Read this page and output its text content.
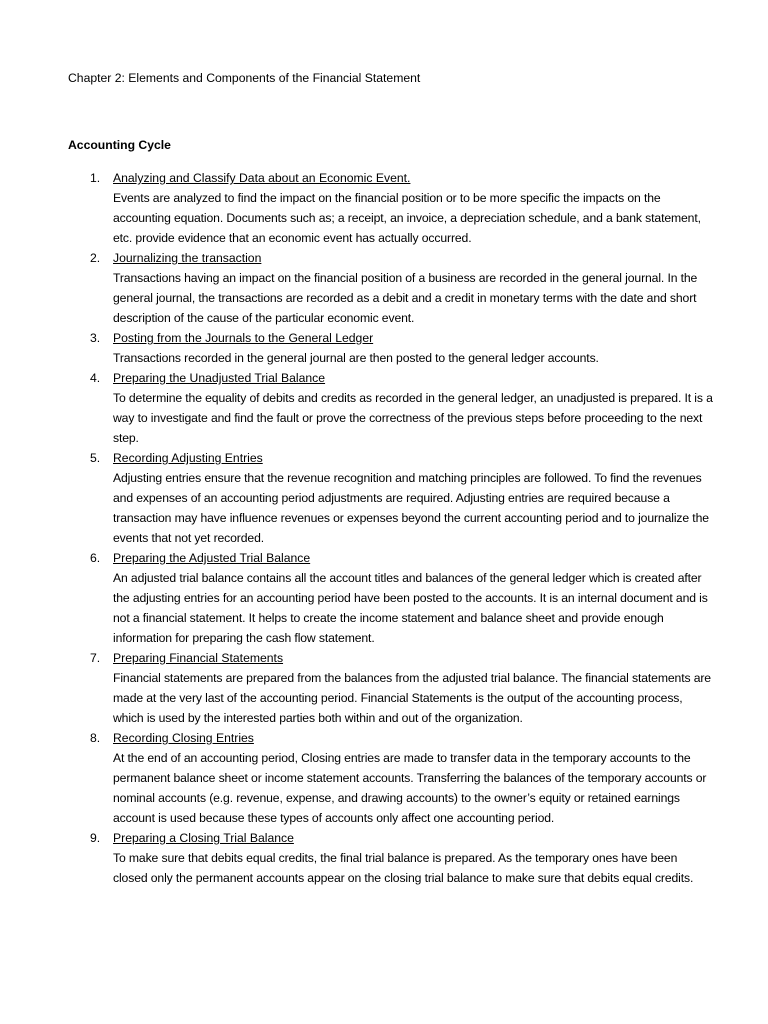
Chapter 2: Elements and Components of the Financial Statement
Accounting Cycle
1. Analyzing and Classify Data about an Economic Event.
Events are analyzed to find the impact on the financial position or to be more specific the impacts on the accounting equation. Documents such as; a receipt, an invoice, a depreciation schedule, and a bank statement, etc. provide evidence that an economic event has actually occurred.
2. Journalizing the transaction
Transactions having an impact on the financial position of a business are recorded in the general journal. In the general journal, the transactions are recorded as a debit and a credit in monetary terms with the date and short description of the cause of the particular economic event.
3. Posting from the Journals to the General Ledger
Transactions recorded in the general journal are then posted to the general ledger accounts.
4. Preparing the Unadjusted Trial Balance
To determine the equality of debits and credits as recorded in the general ledger, an unadjusted is prepared. It is a way to investigate and find the fault or prove the correctness of the previous steps before proceeding to the next step.
5. Recording Adjusting Entries
Adjusting entries ensure that the revenue recognition and matching principles are followed. To find the revenues and expenses of an accounting period adjustments are required. Adjusting entries are required because a transaction may have influence revenues or expenses beyond the current accounting period and to journalize the events that not yet recorded.
6. Preparing the Adjusted Trial Balance
An adjusted trial balance contains all the account titles and balances of the general ledger which is created after the adjusting entries for an accounting period have been posted to the accounts. It is an internal document and is not a financial statement. It helps to create the income statement and balance sheet and provide enough information for preparing the cash flow statement.
7. Preparing Financial Statements
Financial statements are prepared from the balances from the adjusted trial balance. The financial statements are made at the very last of the accounting period. Financial Statements is the output of the accounting process, which is used by the interested parties both within and out of the organization.
8. Recording Closing Entries
At the end of an accounting period, Closing entries are made to transfer data in the temporary accounts to the permanent balance sheet or income statement accounts. Transferring the balances of the temporary accounts or nominal accounts (e.g. revenue, expense, and drawing accounts) to the owner’s equity or retained earnings account is used because these types of accounts only affect one accounting period.
9. Preparing a Closing Trial Balance
To make sure that debits equal credits, the final trial balance is prepared. As the temporary ones have been closed only the permanent accounts appear on the closing trial balance to make sure that debits equal credits.
